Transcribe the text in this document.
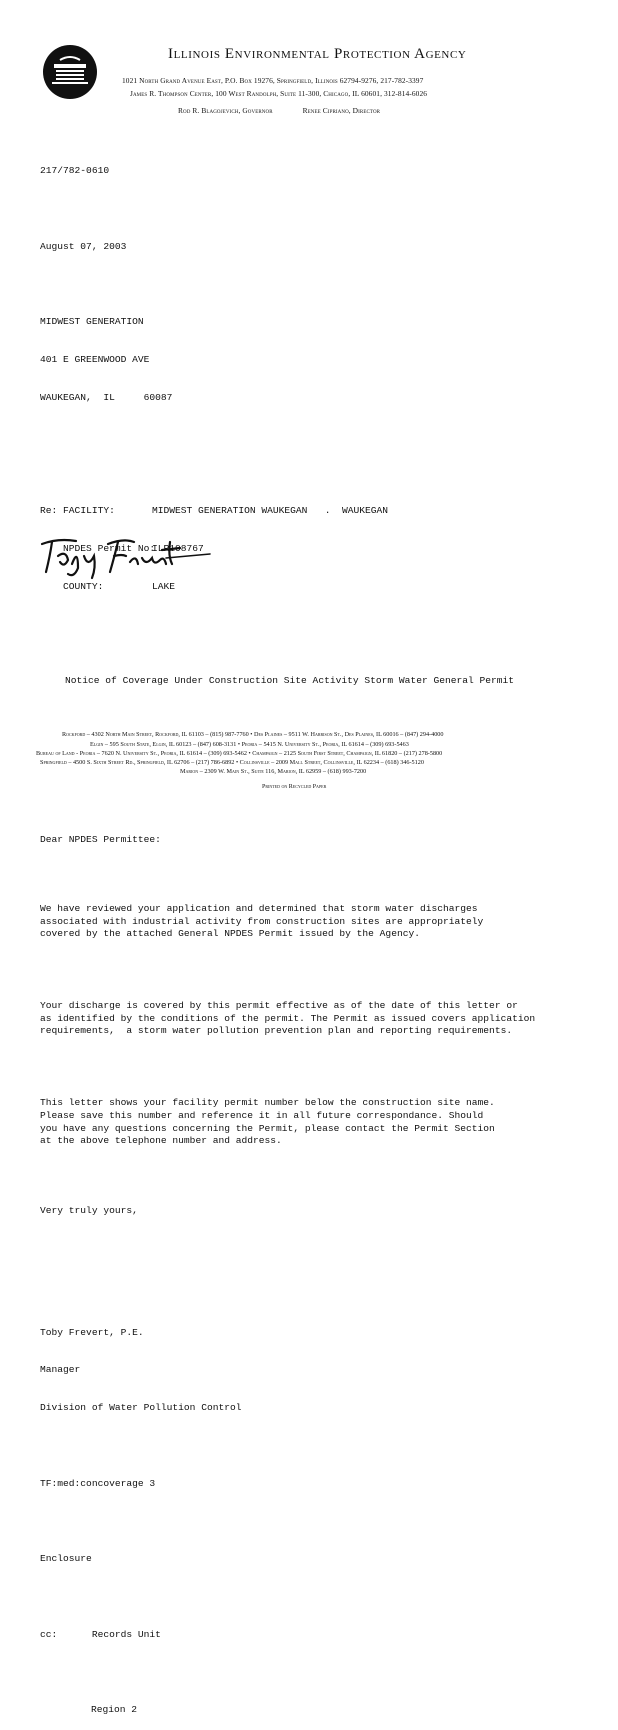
Illinois Environmental Protection Agency
1021 North Grand Avenue East, P.O. Box 19276, Springfield, Illinois 62794-9276, 217-782-3397
James R. Thompson Center, 100 West Randolph, Suite 11-300, Chicago, IL 60601, 312-814-6026
Rod R. Blagojevich, Governor	Renee Cipriano, Director

217/782-0610

August 07, 2003

MIDWEST GENERATION

401 E GREENWOOD AVE

WAUKEGAN,  IL     60087

Re: FACILITY:	MIDWEST GENERATION WAUKEGAN   .  WAUKEGAN

NPDES Permit No:
ILR108767

COUNTY:	LAKE

Notice of Coverage Under Construction Site Activity Storm Water General Permit

Dear NPDES Permittee:

We have reviewed your application and determined that storm water discharges
associated with industrial activity from construction sites are appropriately
covered by the attached General NPDES Permit issued by the Agency.

Your discharge is covered by this permit effective as of the date of this letter or
as identified by the conditions of the permit. The Permit as issued covers application
requirements,  a storm water pollution prevention plan and reporting requirements.

This letter shows your facility permit number below the construction site name.
Please save this number and reference it in all future correspondance. Should
you have any questions concerning the Permit, please contact the Permit Section
at the above telephone number and address.

Very truly yours,

Toby Frevert, P.E.

Manager

Division of Water Pollution Control

TF:med:concoverage 3

Enclosure

cc:	Records Unit

Region 2

Rockford – 4302 North Main Street, Rockford, IL 61103 – (815) 987-7760 • Des Plaines – 9511 W. Harrison St., Des Plaines, IL 60016 – (847) 294-4000
Elgin – 595 South State, Elgin, IL 60123 – (847) 608-3131 • Peoria – 5415 N. University St., Peoria, IL 61614 – (309) 693-5463
Bureau of Land - Peoria – 7620 N. University St., Peoria, IL 61614 – (309) 693-5462 • Champaign – 2125 South First Street, Champaign, IL 61820 – (217) 278-5800
Springfield – 4500 S. Sixth Street Rd., Springfield, IL 62706 – (217) 786-6892 • Collinsville – 2009 Mall Street, Collinsville, IL 62234 – (618) 346-5120
Marion – 2309 W. Main St., Suite 116, Marion, IL 62959 – (618) 993-7200
Printed on Recycled Paper
